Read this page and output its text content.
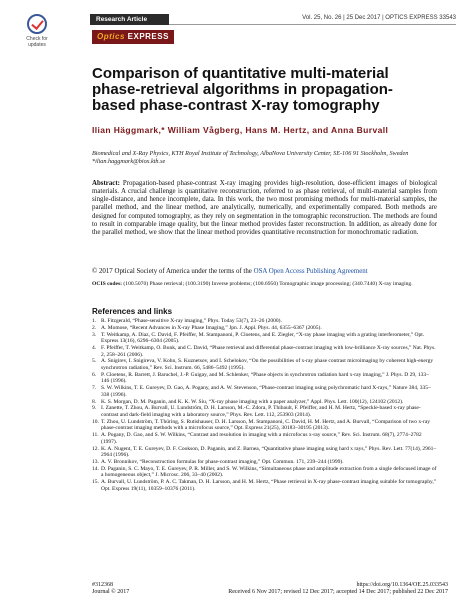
Check for updates
Research Article	Vol. 25, No. 26 | 25 Dec 2017 | OPTICS EXPRESS 33543
Optics EXPRESS
Comparison of quantitative multi-material phase-retrieval algorithms in propagation-based phase-contrast X-ray tomography
Ilian Häggmark,* William Vågberg, Hans M. Hertz, and Anna Burvall
Biomedical and X-Ray Physics, KTH Royal Institute of Technology, AlbaNova University Center, SE-106 91 Stockholm, Sweden
*ilian.haggmark@biox.kth.se

Abstract: Propagation-based phase-contrast X-ray imaging provides high-resolution, dose-efficient images of biological materials. A crucial challenge is quantitative reconstruction, referred to as phase retrieval, of multi-material samples from single-distance, and hence incomplete, data. In this work, the two most promising methods for multi-material samples, the parallel method, and the linear method, are analytically, numerically, and experimentally compared. Both methods are designed for computed tomography, as they rely on segmentation in the tomographic reconstruction. The methods are found to result in comparable image quality, but the linear method provides faster reconstruction. In addition, as already done for the parallel method, we show that the linear method provides quantitative reconstruction for monochromatic radiation.

© 2017 Optical Society of America under the terms of the OSA Open Access Publishing Agreement

OCIS codes: (100.5070) Phase retrieval; (100.3190) Inverse problems; (100.6950) Tomographic image processing; (340.7440) X-ray imaging.

References and links
1. R. Fitzgerald, “Phase-sensitive X-ray imaging,” Phys. Today 53(7), 23–26 (2000).
2. A. Momose, “Recent Advances in X-ray Phase Imaging,” Jpn. J. Appl. Phys. 44, 6355–6367 (2005).
3. T. Weitkamp, A. Diaz, C. David, F. Pfeiffer, M. Stampanoni, P. Cloetens, and E. Ziegler, “X-ray phase imaging with a grating interferometer,” Opt. Express 13(16), 6296–6304 (2005).
4. F. Pfeiffer, T. Weitkamp, O. Bunk, and C. David, “Phase retrieval and differential phase-contrast imaging with low-brilliance X-ray sources,” Nat. Phys. 2, 258–261 (2006).
5. A. Snigirev, I. Snigireva, V. Kohn, S. Kuznetsov, and I. Schelokov, “On the possibilities of x-ray phase contrast microimaging by coherent high-energy synchrotron radiation,” Rev. Sci. Instrum. 66, 5486–5492 (1995).
6. P. Cloetens, R. Barrett, J. Baruchel, J.-P. Guigay, and M. Schlenker, “Phase objects in synchrotron radiation hard x-ray imaging,” J. Phys. D 29, 133–146 (1996).
7. S. W. Wilkins, T. E. Gureyev, D. Gao, A. Pogany, and A. W. Stevenson, “Phase-contrast imaging using polychromatic hard X-rays,” Nature 384, 335–338 (1996).
8. K. S. Morgan, D. M. Paganin, and K. K. W. Siu, “X-ray phase imaging with a paper analyzer,” Appl. Phys. Lett. 100(12), 124102 (2012).
9. I. Zanette, T. Zhou, A. Burvall, U. Lundström, D. H. Larsson, M.-C. Zdora, P. Thibault, F. Pfeiffer, and H. M. Hertz, “Speckle-based x-ray phase-contrast and dark-field imaging with a laboratory source,” Phys. Rev. Lett. 112, 253903 (2014).
10. T. Zhou, U. Lundström, T. Thüring, S. Rutishauser, D. H. Larsson, M. Stampanoni, C. David, H. M. Hertz, and A. Burvall, “Comparison of two x-ray phase-contrast imaging methods with a microfocus source,” Opt. Express 21(25), 30183–30195 (2013).
11. A. Pogany, D. Gao, and S. W. Wilkins, “Contrast and resolution in imaging with a microfocus x-ray source,” Rev. Sci. Instrum. 68(7), 2774–2782 (1997).
12. K. A. Nugent, T. E. Gureyev, D. F. Cookson, D. Paganin, and Z. Barnea, “Quantitative phase imaging using hard x rays,” Phys. Rev. Lett. 77(14), 2961–2964 (1996).
13. A. V. Bronnikov, “Reconstruction formulas for phase-contrast imaging,” Opt. Commun. 171, 239–244 (1999).
14. D. Paganin, S. C. Mayo, T. E. Gureyev, P. R. Miller, and S. W. Wilkins, “Simultaneous phase and amplitude extraction from a single defocused image of a homogeneous object,” J. Microsc. 206, 33–40 (2002).
15. A. Burvall, U. Lundström, P. A. C. Takman, D. H. Larsson, and H. M. Hertz, “Phase retrieval in X-ray phase-contrast imaging suitable for tomography,” Opt. Express 19(11), 10359–10376 (2011).
#312368
Journal © 2017
https://doi.org/10.1364/OE.25.033543
Received 6 Nov 2017; revised 12 Dec 2017; accepted 14 Dec 2017; published 22 Dec 2017
